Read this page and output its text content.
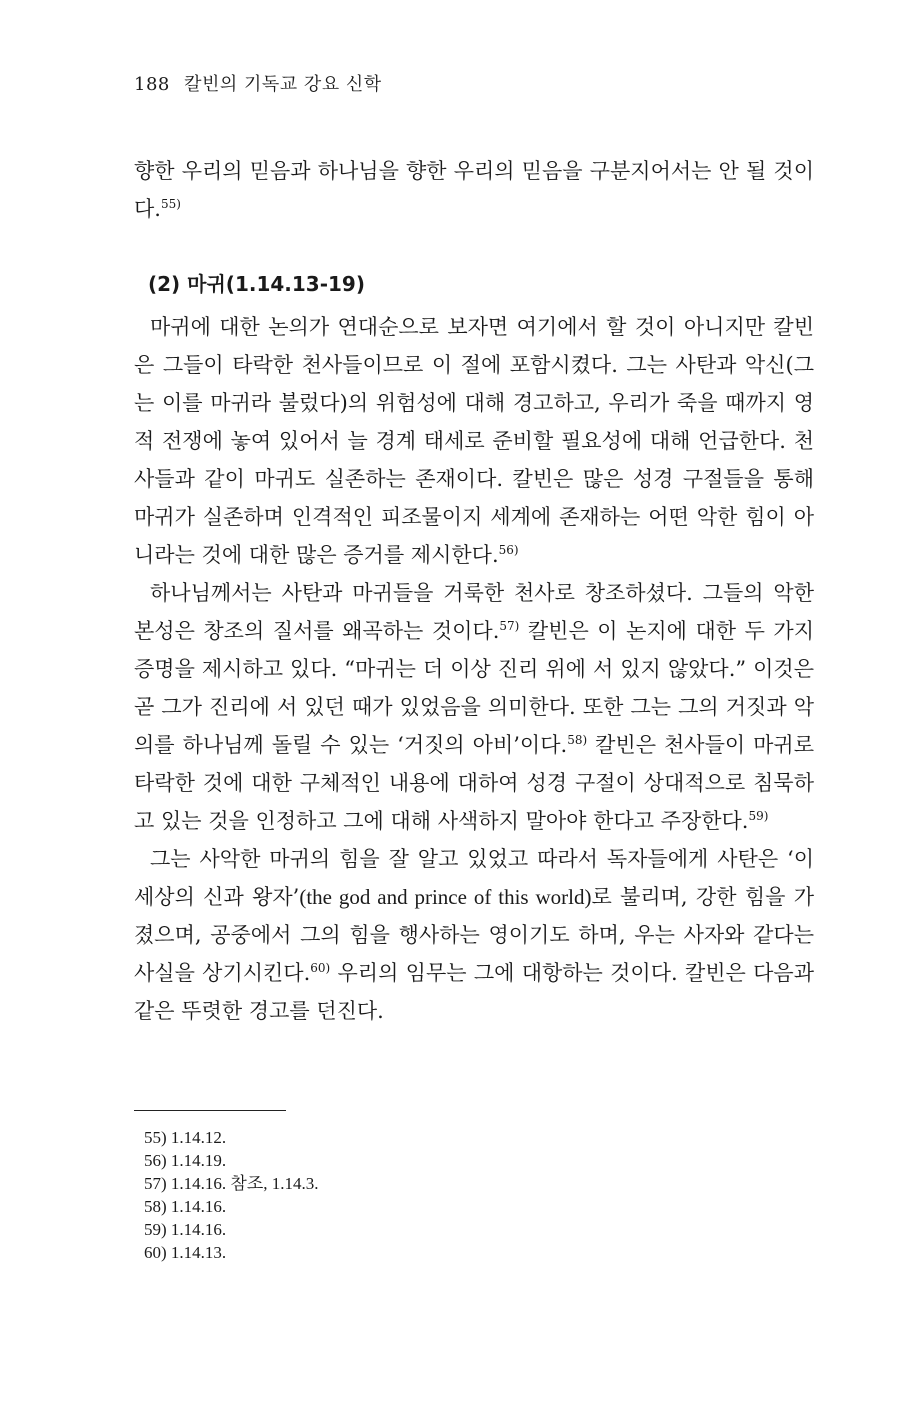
188 칼빈의 기독교 강요 신학

향한 우리의 믿음과 하나님을 향한 우리의 믿음을 구분지어서는 안 될 것이다.$^{55)}$

(2) 마귀(1.14.13-19)

마귀에 대한 논의가 연대순으로 보자면 여기에서 할 것이 아니지만 칼빈은 그들이 타락한 천사들이므로 이 절에 포함시켰다. 그는 사탄과 악신(그는 이를 마귀라 불렀다)의 위험성에 대해 경고하고, 우리가 죽을 때까지 영적 전쟁에 놓여 있어서 늘 경계 태세로 준비할 필요성에 대해 언급한다. 천사들과 같이 마귀도 실존하는 존재이다. 칼빈은 많은 성경 구절들을 통해 마귀가 실존하며 인격적인 피조물이지 세계에 존재하는 어떤 악한 힘이 아니라는 것에 대한 많은 증거를 제시한다.$^{56)}$

하나님께서는 사탄과 마귀들을 거룩한 천사로 창조하셨다. 그들의 악한 본성은 창조의 질서를 왜곡하는 것이다.$^{57)}$ 칼빈은 이 논지에 대한 두 가지 증명을 제시하고 있다. “마귀는 더 이상 진리 위에 서 있지 않았다.” 이것은 곧 그가 진리에 서 있던 때가 있었음을 의미한다. 또한 그는 그의 거짓과 악의를 하나님께 돌릴 수 있는 ‘거짓의 아비’이다.$^{58)}$ 칼빈은 천사들이 마귀로 타락한 것에 대한 구체적인 내용에 대하여 성경 구절이 상대적으로 침묵하고 있는 것을 인정하고 그에 대해 사색하지 말아야 한다고 주장한다.$^{59)}$

그는 사악한 마귀의 힘을 잘 알고 있었고 따라서 독자들에게 사탄은 ‘이 세상의 신과 왕자’(the god and prince of this world)로 불리며, 강한 힘을 가졌으며, 공중에서 그의 힘을 행사하는 영이기도 하며, 우는 사자와 같다는 사실을 상기시킨다.$^{60)}$ 우리의 임무는 그에 대항하는 것이다. 칼빈은 다음과 같은 뚜렷한 경고를 던진다.

55) 1.14.12.
56) 1.14.19.
57) 1.14.16. 참조, 1.14.3.
58) 1.14.16.
59) 1.14.16.
60) 1.14.13.
